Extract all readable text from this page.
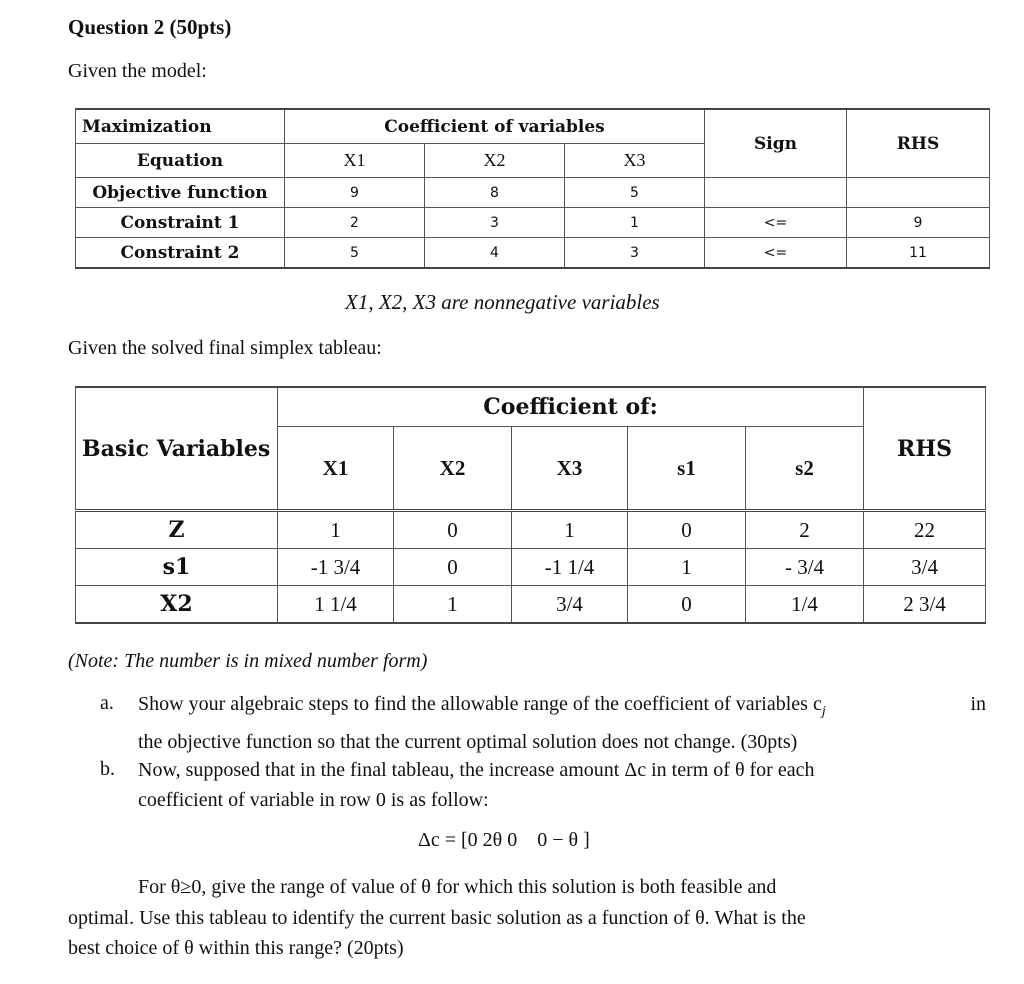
Question 2 (50pts)
Given the model:
Maximization	Coefficient of variables			Sign	RHS
Equation	X1	X2	X3		
Objective function	9	8	5		
Constraint 1	2	3	1	<=	9
Constraint 2	5	4	3	<=	11
X1, X2, X3 are nonnegative variables
Given the solved final simplex tableau:
Basic Variables	Coefficient of:					RHS
	X1	X2	X3	s1	s2	
Z	1	0	1	0	2	22
s1	-1 3/4	0	-1 1/4	1	- 3/4	3/4
X2	1 1/4	1	3/4	0	1/4	2 3/4
(Note: The number is in mixed number form)
a. Show your algebraic steps to find the allowable range of the coefficient of variables $c_j$	in
the objective function so that the current optimal solution does not change. (30pts)
b. Now, supposed that in the final tableau, the increase amount Δc in term of θ for each
coefficient of variable in row 0 is as follow:
Δc = [0 2θ 0    0 − θ ]
For θ≥0, give the range of value of θ for which this solution is both feasible and
optimal. Use this tableau to identify the current basic solution as a function of θ. What is the
best choice of θ within this range? (20pts)
